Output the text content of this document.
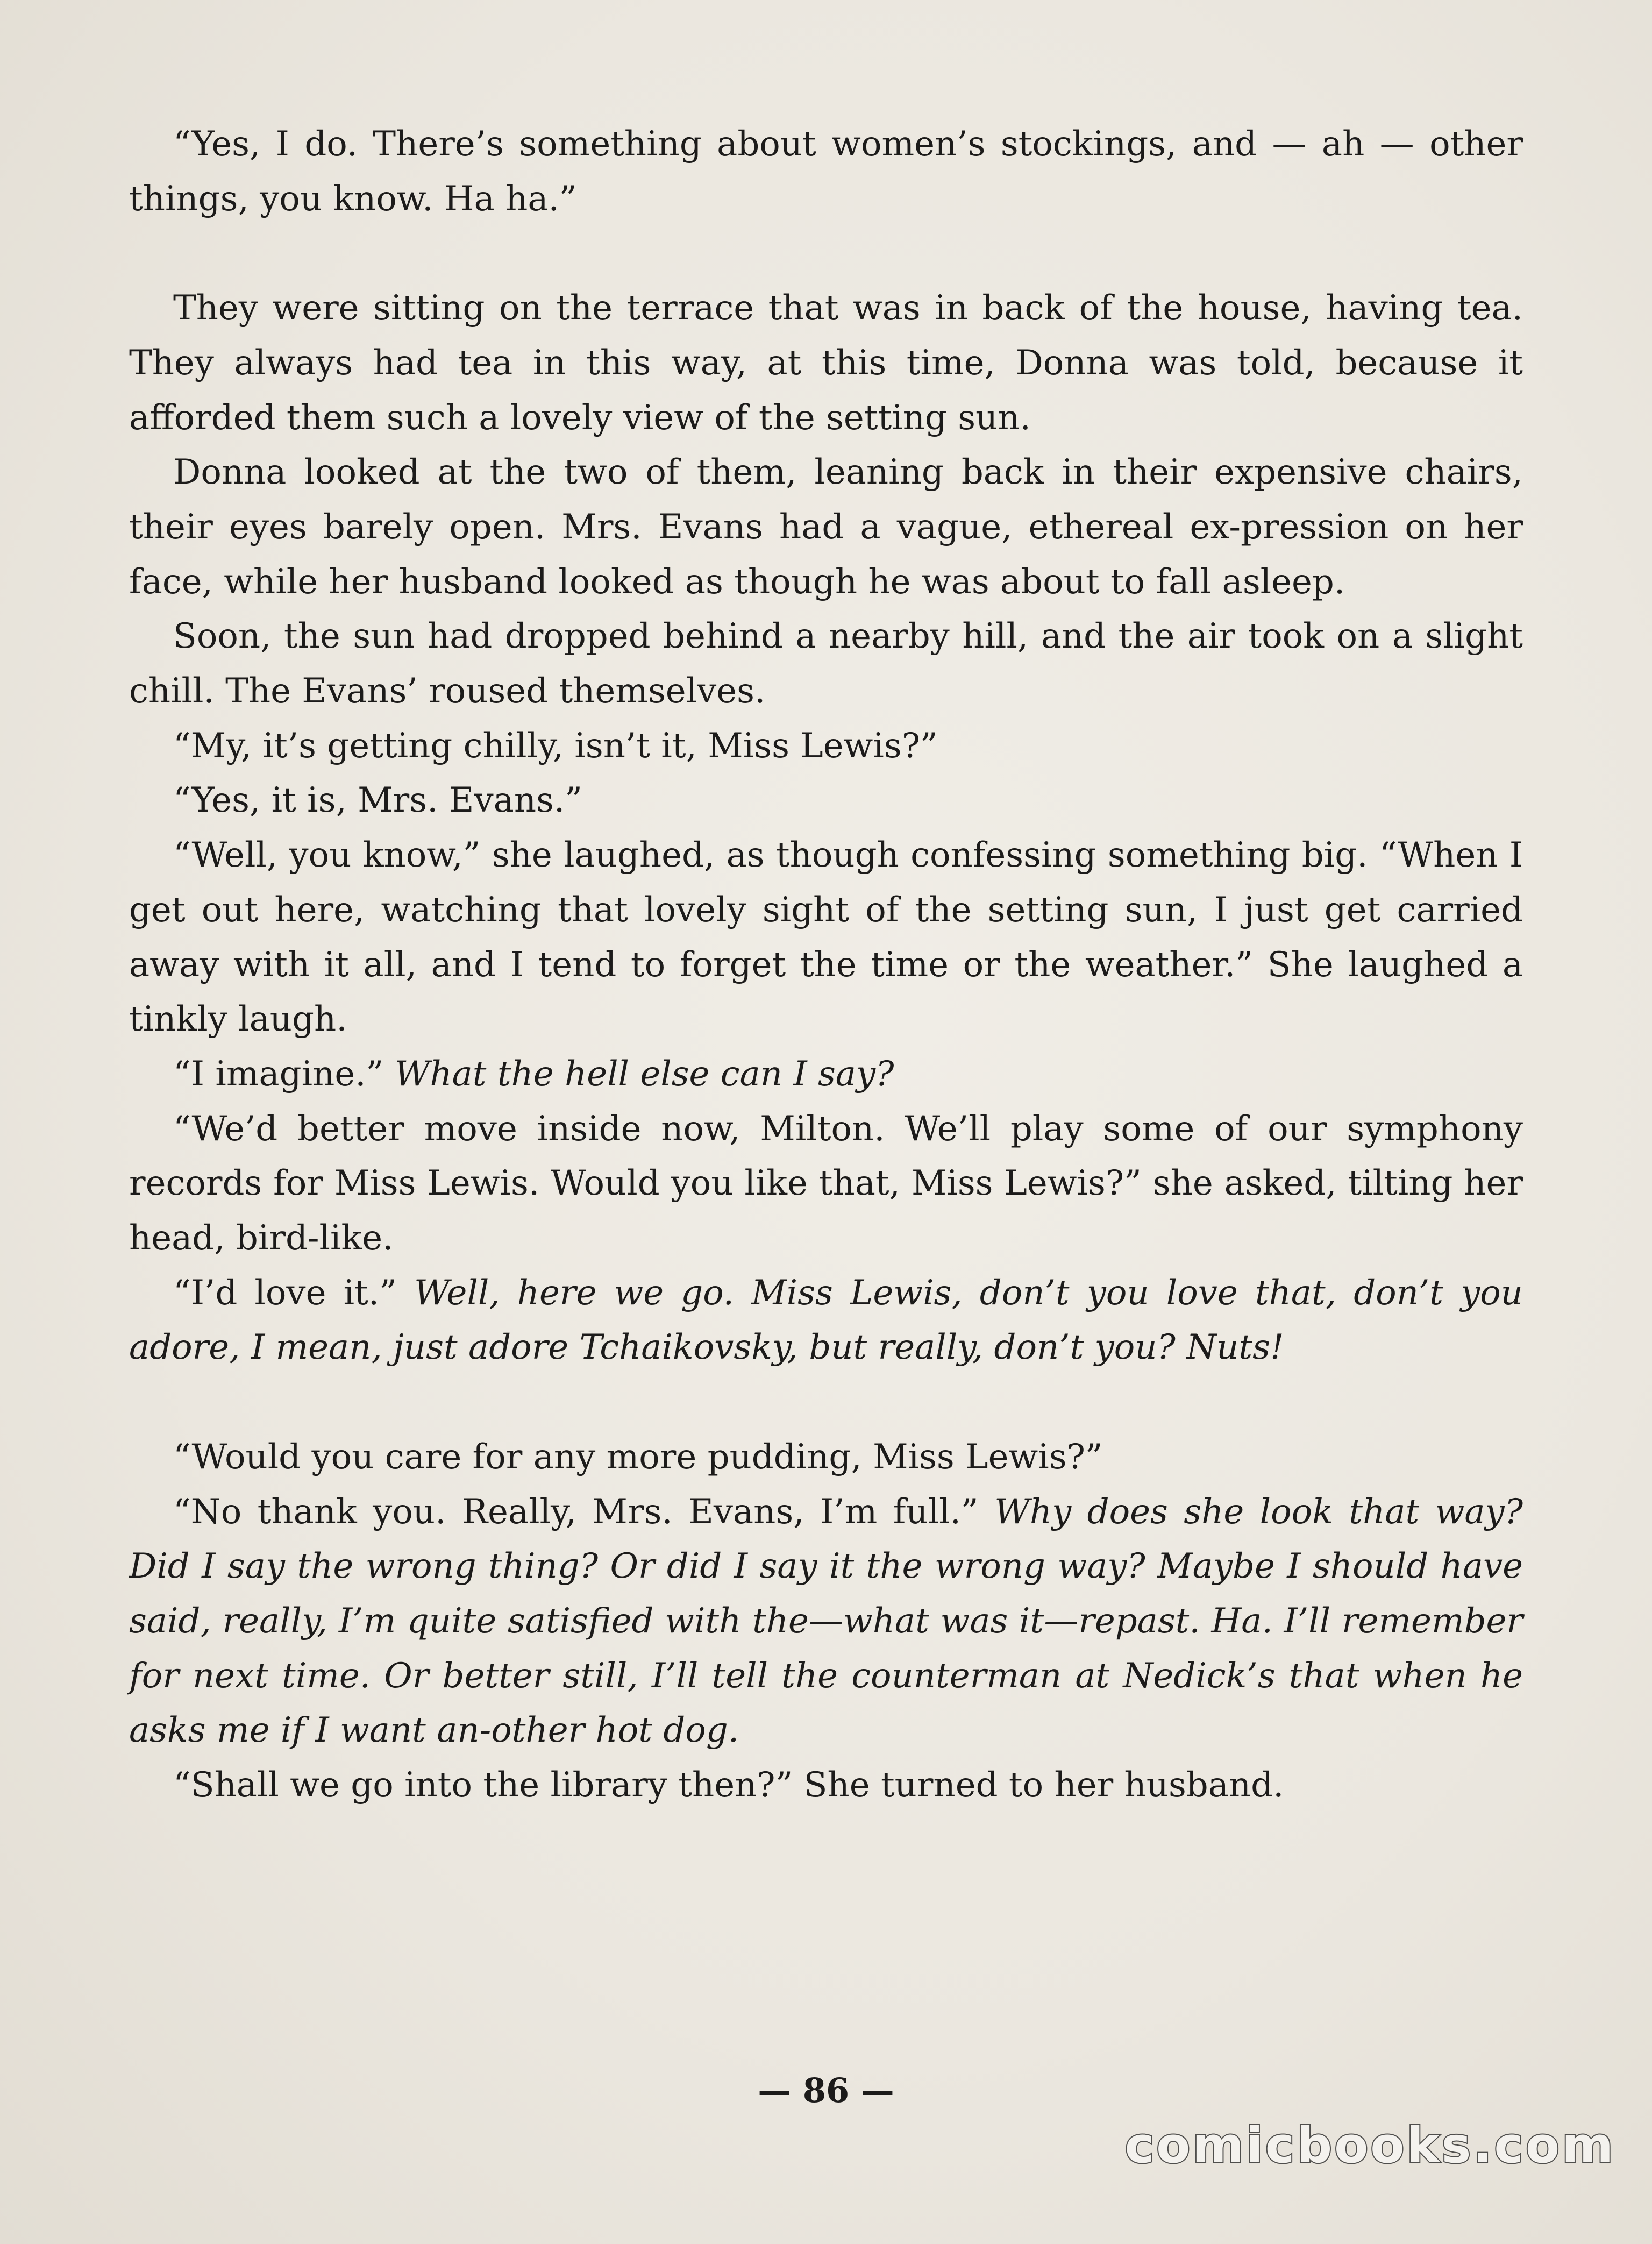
“Yes, I do. There’s something about women’s stockings, and — ah — other things, you know. Ha ha.”

They were sitting on the terrace that was in back of the house, having tea. They always had tea in this way, at this time, Donna was told, because it afforded them such a lovely view of the setting sun.

Donna looked at the two of them, leaning back in their expensive chairs, their eyes barely open. Mrs. Evans had a vague, ethereal ex-pression on her face, while her husband looked as though he was about to fall asleep.

Soon, the sun had dropped behind a nearby hill, and the air took on a slight chill. The Evans’ roused themselves.

“My, it’s getting chilly, isn’t it, Miss Lewis?”

“Yes, it is, Mrs. Evans.”

“Well, you know,” she laughed, as though confessing something big. “When I get out here, watching that lovely sight of the setting sun, I just get carried away with it all, and I tend to forget the time or the weather.” She laughed a tinkly laugh.

“I imagine.” What the hell else can I say?

“We’d better move inside now, Milton. We’ll play some of our symphony records for Miss Lewis. Would you like that, Miss Lewis?” she asked, tilting her head, bird-like.

“I’d love it.” Well, here we go. Miss Lewis, don’t you love that, don’t you adore, I mean, just adore Tchaikovsky, but really, don’t you? Nuts!

“Would you care for any more pudding, Miss Lewis?”

“No thank you. Really, Mrs. Evans, I’m full.” Why does she look that way? Did I say the wrong thing? Or did I say it the wrong way? Maybe I should have said, really, I’m quite satisfied with the—what was it—repast. Ha. I’ll remember for next time. Or better still, I’ll tell the counterman at Nedick’s that when he asks me if I want an-other hot dog.

“Shall we go into the library then?” She turned to her husband.

— 86 —
comicbooks.com
